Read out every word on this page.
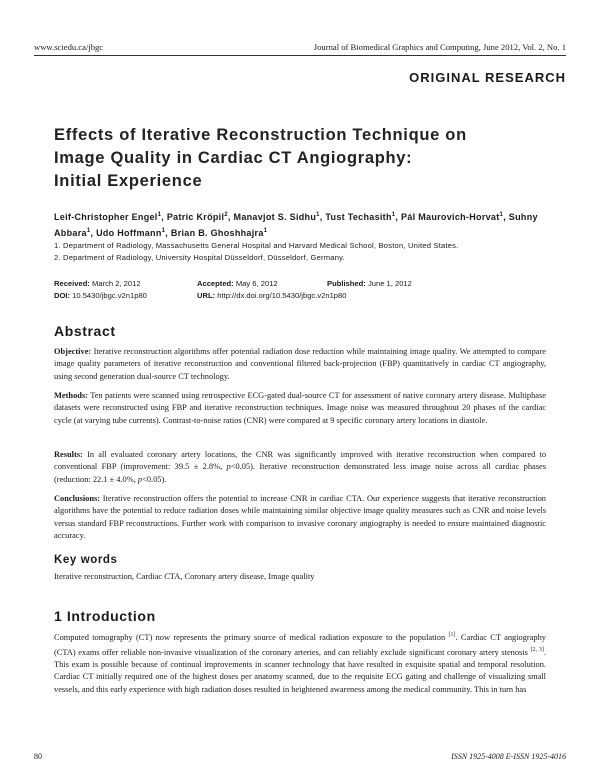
www.sciedu.ca/jbgc	Journal of Biomedical Graphics and Computing, June 2012, Vol. 2, No. 1
ORIGINAL RESEARCH
Effects of Iterative Reconstruction Technique on
Image Quality in Cardiac CT Angiography:
Initial Experience
Leif-Christopher Engel$^1$, Patric Kröpil$^2$, Manavjot S. Sidhu$^1$, Tust Techasith$^1$, Pál Maurovich-Horvat$^1$, Suhny Abbara$^1$, Udo Hoffmann$^1$, Brian B. Ghoshhajra$^1$
1. Department of Radiology, Massachusetts General Hospital and Harvard Medical School, Boston, United States.
2. Department of Radiology, University Hospital Düsseldorf, Düsseldorf, Germany.
Received: March 2, 2012	Accepted: May 6, 2012	Published: June 1, 2012
DOI: 10.5430/jbgc.v2n1p80	URL: http://dx.doi.org/10.5430/jbgc.v2n1p80
Abstract
Objective: Iterative reconstruction algorithms offer potential radiation dose reduction while maintaining image quality. We attempted to compare image quality parameters of iterative reconstruction and conventional filtered back-projection (FBP) quantitatively in cardiac CT angiography, using second generation dual-source CT technology.
Methods: Ten patients were scanned using retrospective ECG-gated dual-source CT for assessment of native coronary artery disease. Multiphase datasets were reconstructed using FBP and iterative reconstruction techniques. Image noise was measured throughout 20 phases of the cardiac cycle (at varying tube currents). Contrast-to-noise ratios (CNR) were compared at 9 specific coronary artery locations in diastole.
Results: In all evaluated coronary artery locations, the CNR was significantly improved with iterative reconstruction when compared to conventional FBP (improvement: 39.5 ± 2.8%, p<0.05). Iterative reconstruction demonstrated less image noise across all cardiac phases (reduction: 22.1 ± 4.0%, p<0.05).
Conclusions: Iterative reconstruction offers the potential to increase CNR in cardiac CTA. Our experience suggests that iterative reconstruction algorithms have the potential to reduce radiation doses while maintaining similar objective image quality measures such as CNR and noise levels versus standard FBP reconstructions. Further work with comparison to invasive coronary angiography is needed to ensure maintained diagnostic accuracy.
Key words
Iterative reconstruction, Cardiac CTA, Coronary artery disease, Image quality
1 Introduction
Computed tomography (CT) now represents the primary source of medical radiation exposure to the population [1]. Cardiac CT angiography (CTA) exams offer reliable non-invasive visualization of the coronary arteries, and can reliably exclude significant coronary artery stenosis [2, 3]. This exam is possible because of continual improvements in scanner technology that have resulted in exquisite spatial and temporal resolution. Cardiac CT initially required one of the highest doses per anatomy scanned, due to the requisite ECG gating and challenge of visualizing small vessels, and this early experience with high radiation doses resulted in heightened awareness among the medical community. This in turn has
80	ISSN 1925-4008 E-ISSN 1925-4016
